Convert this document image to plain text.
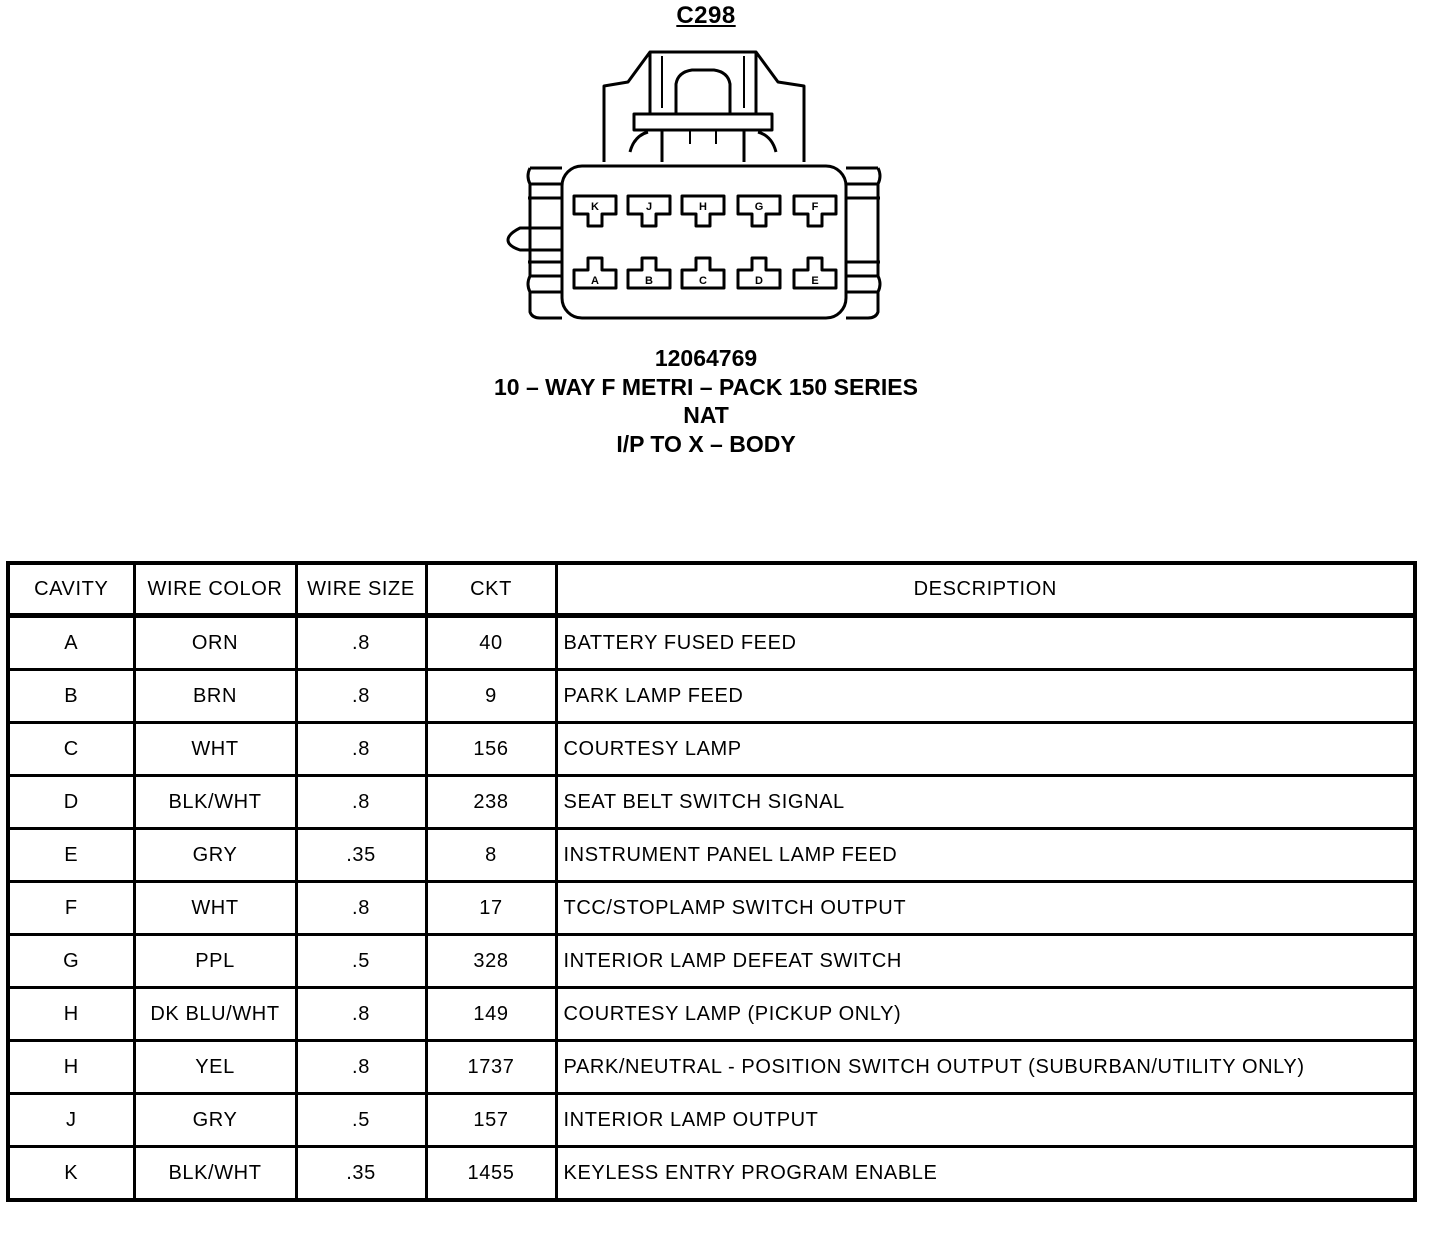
C298
K	J	H	G	F
A	B	C	D	E
12064769
10 – WAY F METRI – PACK 150 SERIES
NAT
I/P TO X – BODY
CAVITY	WIRE COLOR	WIRE SIZE	CKT	DESCRIPTION
A	ORN	.8	40	BATTERY FUSED FEED
B	BRN	.8	9	PARK LAMP FEED
C	WHT	.8	156	COURTESY LAMP
D	BLK/WHT	.8	238	SEAT BELT SWITCH SIGNAL
E	GRY	.35	8	INSTRUMENT PANEL LAMP FEED
F	WHT	.8	17	TCC/STOPLAMP SWITCH OUTPUT
G	PPL	.5	328	INTERIOR LAMP DEFEAT SWITCH
H	DK BLU/WHT	.8	149	COURTESY LAMP (PICKUP ONLY)
H	YEL	.8	1737	PARK/NEUTRAL - POSITION SWITCH OUTPUT (SUBURBAN/UTILITY ONLY)
J	GRY	.5	157	INTERIOR LAMP OUTPUT
K	BLK/WHT	.35	1455	KEYLESS ENTRY PROGRAM ENABLE
